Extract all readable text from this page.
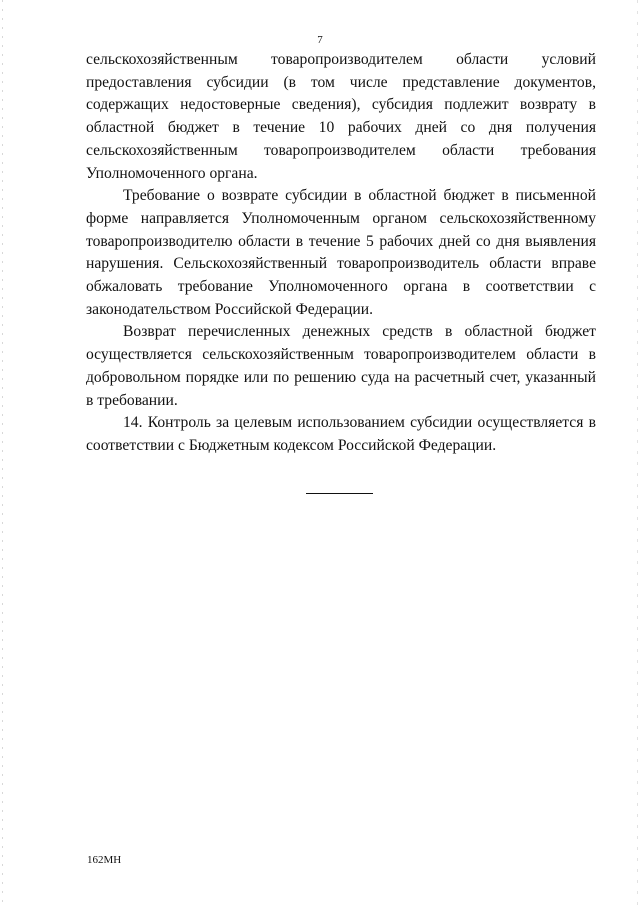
7

сельскохозяйственным товаропроизводителем области условий предоставления субсидии (в том числе представление документов, содержащих недостоверные сведения), субсидия подлежит возврату в областной бюджет в течение 10 рабочих дней со дня получения сельскохозяйственным товаропроизводителем области требования Уполномоченного органа.

Требование о возврате субсидии в областной бюджет в письменной форме направляется Уполномоченным органом сельскохозяйственному товаропроизводителю области в течение 5 рабочих дней со дня выявления нарушения. Сельскохозяйственный товаропроизводитель области вправе обжаловать требование Уполномоченного органа в соответствии с законодательством Российской Федерации.

Возврат перечисленных денежных средств в областной бюджет осуществляется сельскохозяйственным товаропроизводителем области в добровольном порядке или по решению суда на расчетный счет, указанный в требовании.

14. Контроль за целевым использованием субсидии осуществляется в соответствии с Бюджетным кодексом Российской Федерации.

162МН
